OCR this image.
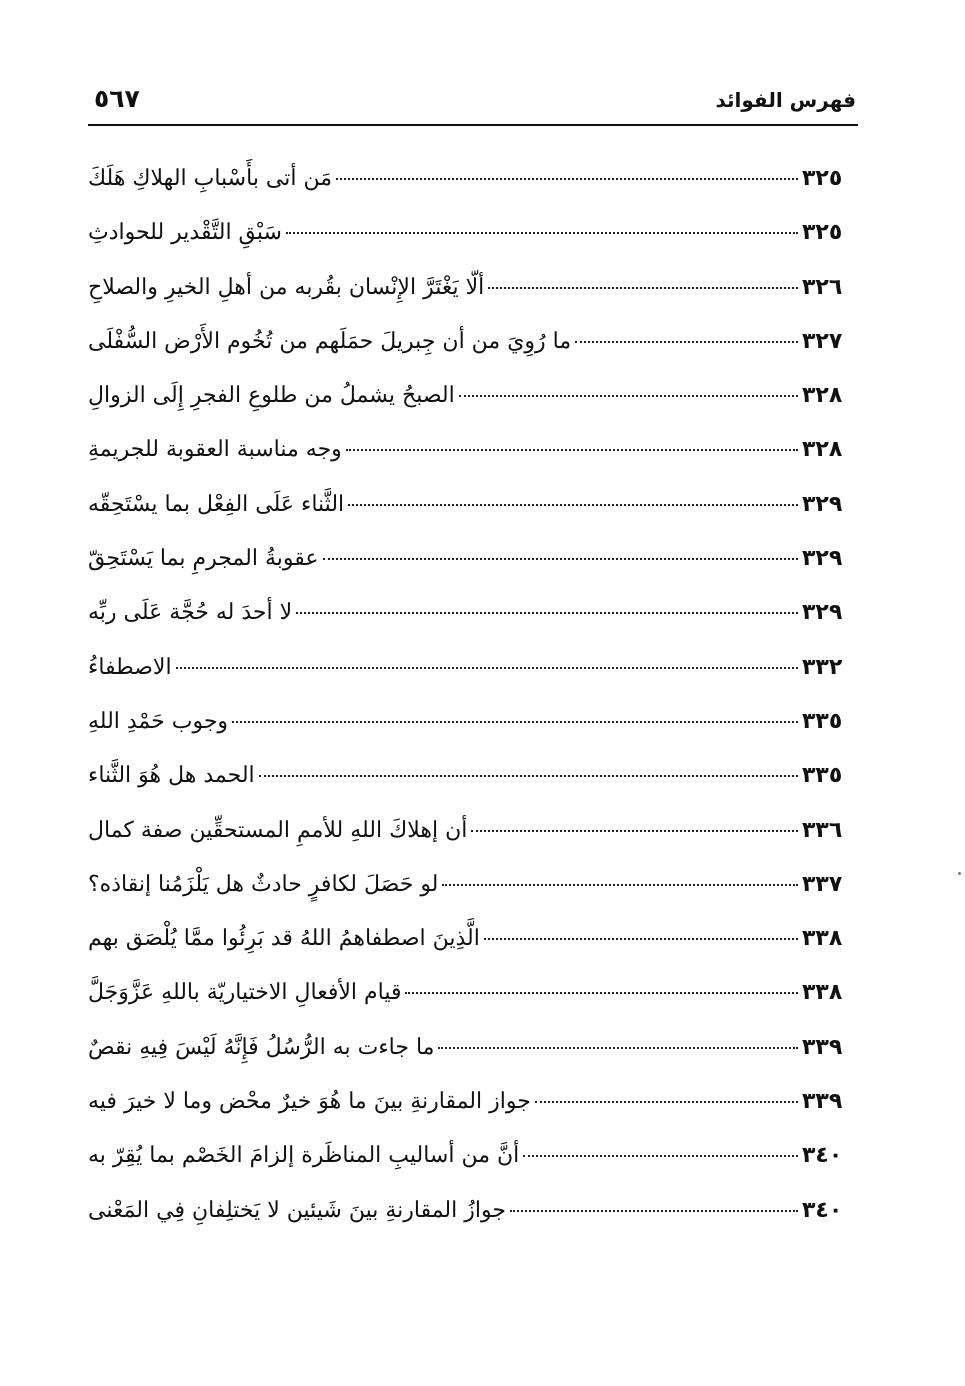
فهرس الفوائد
٥٦٧
مَن أتى بأَسْبابِ الهلاكِ هَلَكَ	٣٢٥
سَبْقِ التَّقْدير للحوادثِ	٣٢٥
ألّا يَغْتَرَّ الإِنْسان بقُربه من أهلِ الخيرِ والصلاحِ	٣٢٦
ما رُوِيَ من أن جِبريلَ حمَلَهم من تُخُوم الأَرْض السُّفْلَى	٣٢٧
الصبحُ يشملُ من طلوعِ الفجرِ إِلَى الزوالِ	٣٢٨
وجه مناسبة العقوبة للجريمةِ	٣٢٨
الثَّناء عَلَى الفِعْل بما يسْتَحِقّه	٣٢٩
عقوبةُ المجرمِ بما يَسْتَحِقّ	٣٢٩
لا أحدَ له حُجَّة عَلَى ربِّه	٣٢٩
الاصطفاءُ	٣٣٢
وجوب حَمْدِ اللهِ	٣٣٥
الحمد هل هُوَ الثَّناء	٣٣٥
أن إهلاكَ اللهِ للأممِ المستحقِّين صفة كمال	٣٣٦
لو حَصَلَ لكافرٍ حادثٌ هل يَلْزَمُنا إنقاذه؟	٣٣٧
الَّذِينَ اصطفاهمُ اللهُ قد بَرِئُوا ممَّا يُلْصَق بهم	٣٣٨
قيام الأفعالِ الاختياريّة باللهِ عَزَّوَجَلَّ	٣٣٨
ما جاءت به الرُّسُلُ فَإِنَّهُ لَيْسَ فِيهِ نقصٌ	٣٣٩
جواز المقارنةِ بينَ ما هُوَ خيرٌ محْض وما لا خيرَ فيه	٣٣٩
أنَّ من أساليبِ المناظَرة إلزامَ الخَصْم بما يُقِرّ به	٣٤٠
جوازُ المقارنةِ بينَ شَيئين لا يَختلِفانِ فِي المَعْنى	٣٤٠
